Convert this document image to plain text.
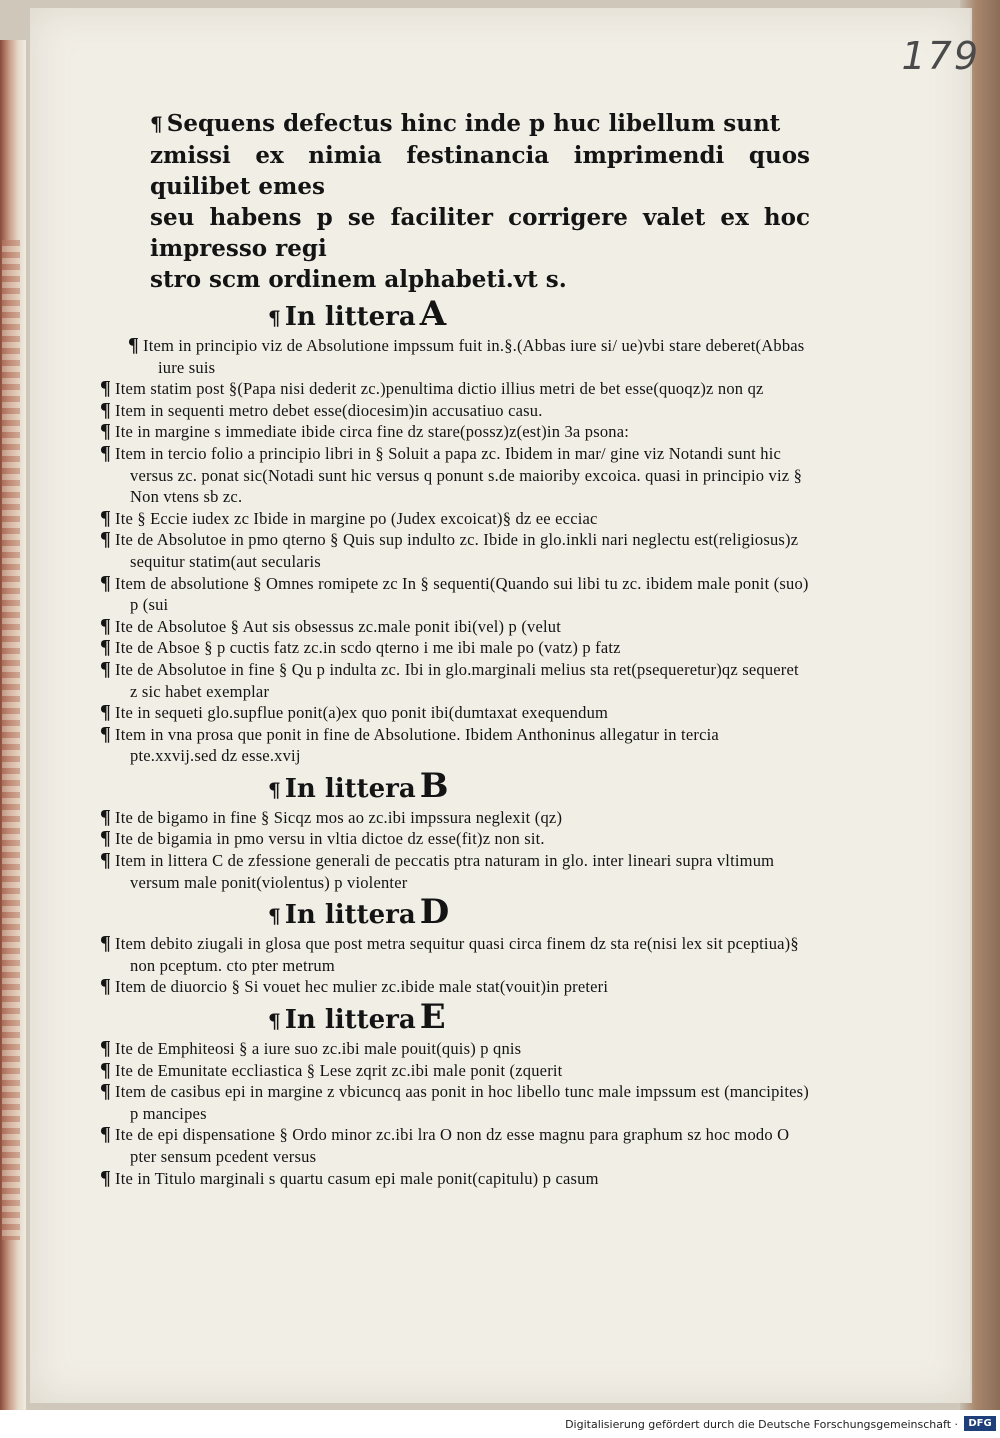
179
¶ Sequens defectus hinc inde p huc libellum sunt
zmissi ex nimia festinancia imprimendi quos quilibet emes
seu habens p se faciliter corrigere valet ex hoc impresso regi
stro scm ordinem alphabeti.vt s.
¶ In littera A
¶ Item in principio viz de Absolutione impssum fuit in.§.(Abbas iure si/ ue)vbi stare deberet(Abbas iure suis
¶ Item statim post §(Papa nisi dederit zc.)penultima dictio illius metri de bet esse(quoqz)z non qz
¶ Item in sequenti metro debet esse(diocesim)in accusatiuo casu.
¶ Ite in margine s immediate ibide circa fine dz stare(possz)z(est)in 3a psona:
¶ Item in tercio folio a principio libri in § Soluit a papa zc. Ibidem in mar/ gine viz Notandi sunt hic versus zc. ponat sic(Notadi sunt hic versus q ponunt s.de maioriby excoica. quasi in principio viz § Non vtens sb zc.
¶ Ite § Eccie iudex zc Ibide in margine po (Judex excoicat)§ dz ee ecciac
¶ Ite de Absolutoe in pmo qterno § Quis sup indulto zc. Ibide in glo.inkli nari neglectu est(religiosus)z sequitur statim(aut secularis
¶ Item de absolutione § Omnes romipete zc In § sequenti(Quando sui libi tu zc. ibidem male ponit (suo) p (sui
¶ Ite de Absolutoe § Aut sis obsessus zc.male ponit ibi(vel) p (velut
¶ Ite de Absoe § p cuctis fatz zc.in scdo qterno i me ibi male po (vatz) p fatz
¶ Ite de Absolutoe in fine § Qu p indulta zc. Ibi in glo.marginali melius sta ret(psequeretur)qz sequeret z sic habet exemplar
¶ Ite in sequeti glo.supflue ponit(a)ex quo ponit ibi(dumtaxat exequendum
¶ Item in vna prosa que ponit in fine de Absolutione. Ibidem Anthoninus allegatur in tercia pte.xxvij.sed dz esse.xvij
¶ In littera B
¶ Ite de bigamo in fine § Sicqz mos ao zc.ibi impssura neglexit (qz)
¶ Ite de bigamia in pmo versu in vltia dictoe dz esse(fit)z non sit.
¶ Item in littera C de zfessione generali de peccatis ptra naturam in glo. inter lineari supra vltimum versum male ponit(violentus) p violenter
¶ In littera D
¶ Item debito ziugali in glosa que post metra sequitur quasi circa finem dz sta re(nisi lex sit pceptiua)§ non pceptum. cto pter metrum
¶ Item de diuorcio § Si vouet hec mulier zc.ibide male stat(vouit)in preteri
¶ In littera E
¶ Ite de Emphiteosi § a iure suo zc.ibi male pouit(quis) p qnis
¶ Ite de Emunitate eccliastica § Lese zqrit zc.ibi male ponit (zquerit
¶ Item de casibus epi in margine z vbicuncq aas ponit in hoc libello tunc male impssum est (mancipites) p mancipes
¶ Ite de epi dispensatione § Ordo minor zc.ibi lra O non dz esse magnu para graphum sz hoc modo O pter sensum pcedent versus
¶ Ite in Titulo marginali s quartu casum epi male ponit(capitulu) p casum
Digitalisierung gefördert durch die Deutsche Forschungsgemeinschaft ·	DFG
